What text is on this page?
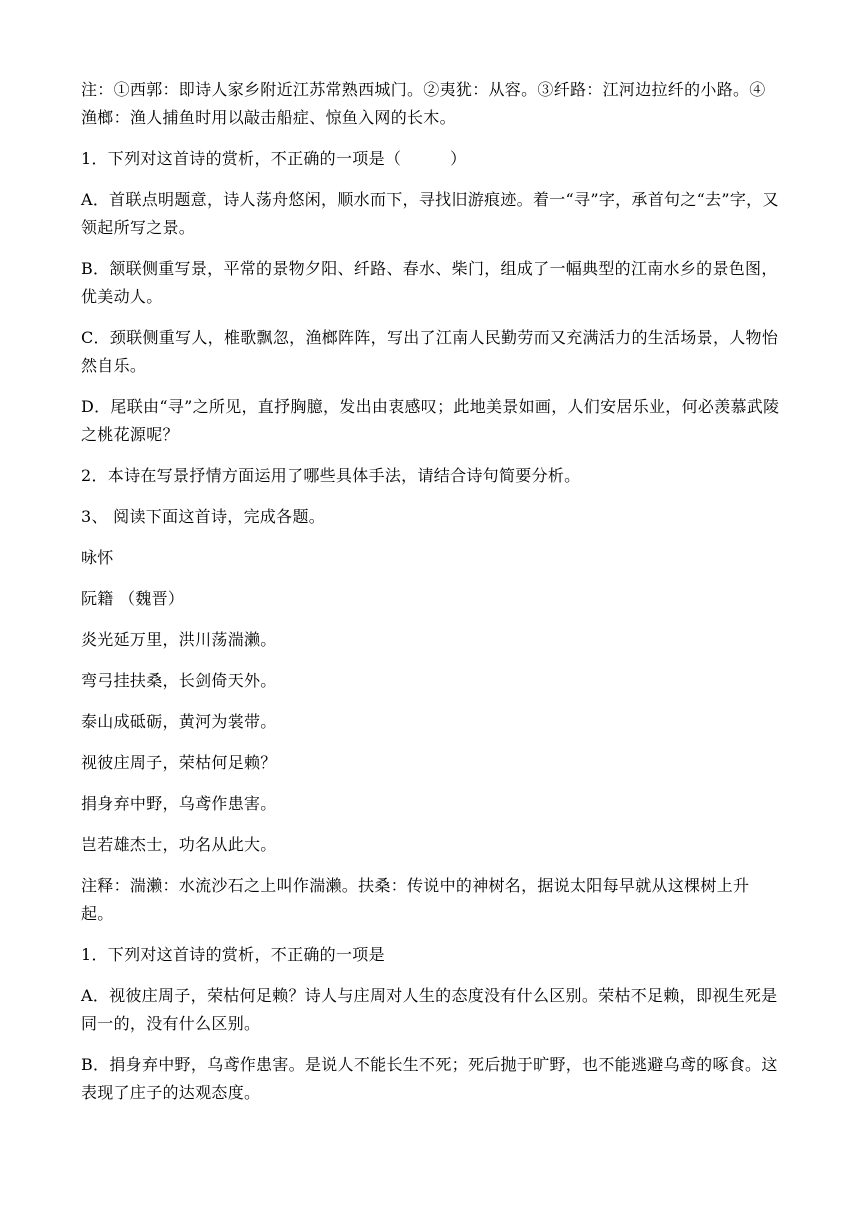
注：①西郭：即诗人家乡附近江苏常熟西城门。②夷犹：从容。③纤路：江河边拉纤的小路。④渔榔：渔人捕鱼时用以敲击船症、惊鱼入网的长木。

1．下列对这首诗的赏析，不正确的一项是（　　　）

A．首联点明题意，诗人荡舟悠闲，顺水而下，寻找旧游痕迹。着一“寻”字，承首句之“去”字，又领起所写之景。

B．颔联侧重写景，平常的景物夕阳、纤路、春水、柴门，组成了一幅典型的江南水乡的景色图，优美动人。

C．颈联侧重写人，椎歌飘忽，渔榔阵阵，写出了江南人民勤劳而又充满活力的生活场景，人物怡然自乐。

D．尾联由“寻”之所见，直抒胸臆，发出由衷感叹；此地美景如画，人们安居乐业，何必羡慕武陵之桃花源呢？

2．本诗在写景抒情方面运用了哪些具体手法，请结合诗句简要分析。

3、 阅读下面这首诗，完成各题。

咏怀

阮籍 （魏晋）

炎光延万里，洪川荡湍濑。

弯弓挂扶桑，长剑倚天外。

泰山成砥砺，黄河为裳带。

视彼庄周子，荣枯何足赖？

捐身弃中野，乌鸢作患害。

岂若雄杰士，功名从此大。

注释：湍濑：水流沙石之上叫作湍濑。扶桑：传说中的神树名，据说太阳每早就从这棵树上升起。

1．下列对这首诗的赏析，不正确的一项是

A．视彼庄周子，荣枯何足赖？诗人与庄周对人生的态度没有什么区别。荣枯不足赖，即视生死是同一的，没有什么区别。

B．捐身弃中野，乌鸢作患害。是说人不能长生不死；死后抛于旷野，也不能逃避乌鸢的啄食。这表现了庄子的达观态度。
